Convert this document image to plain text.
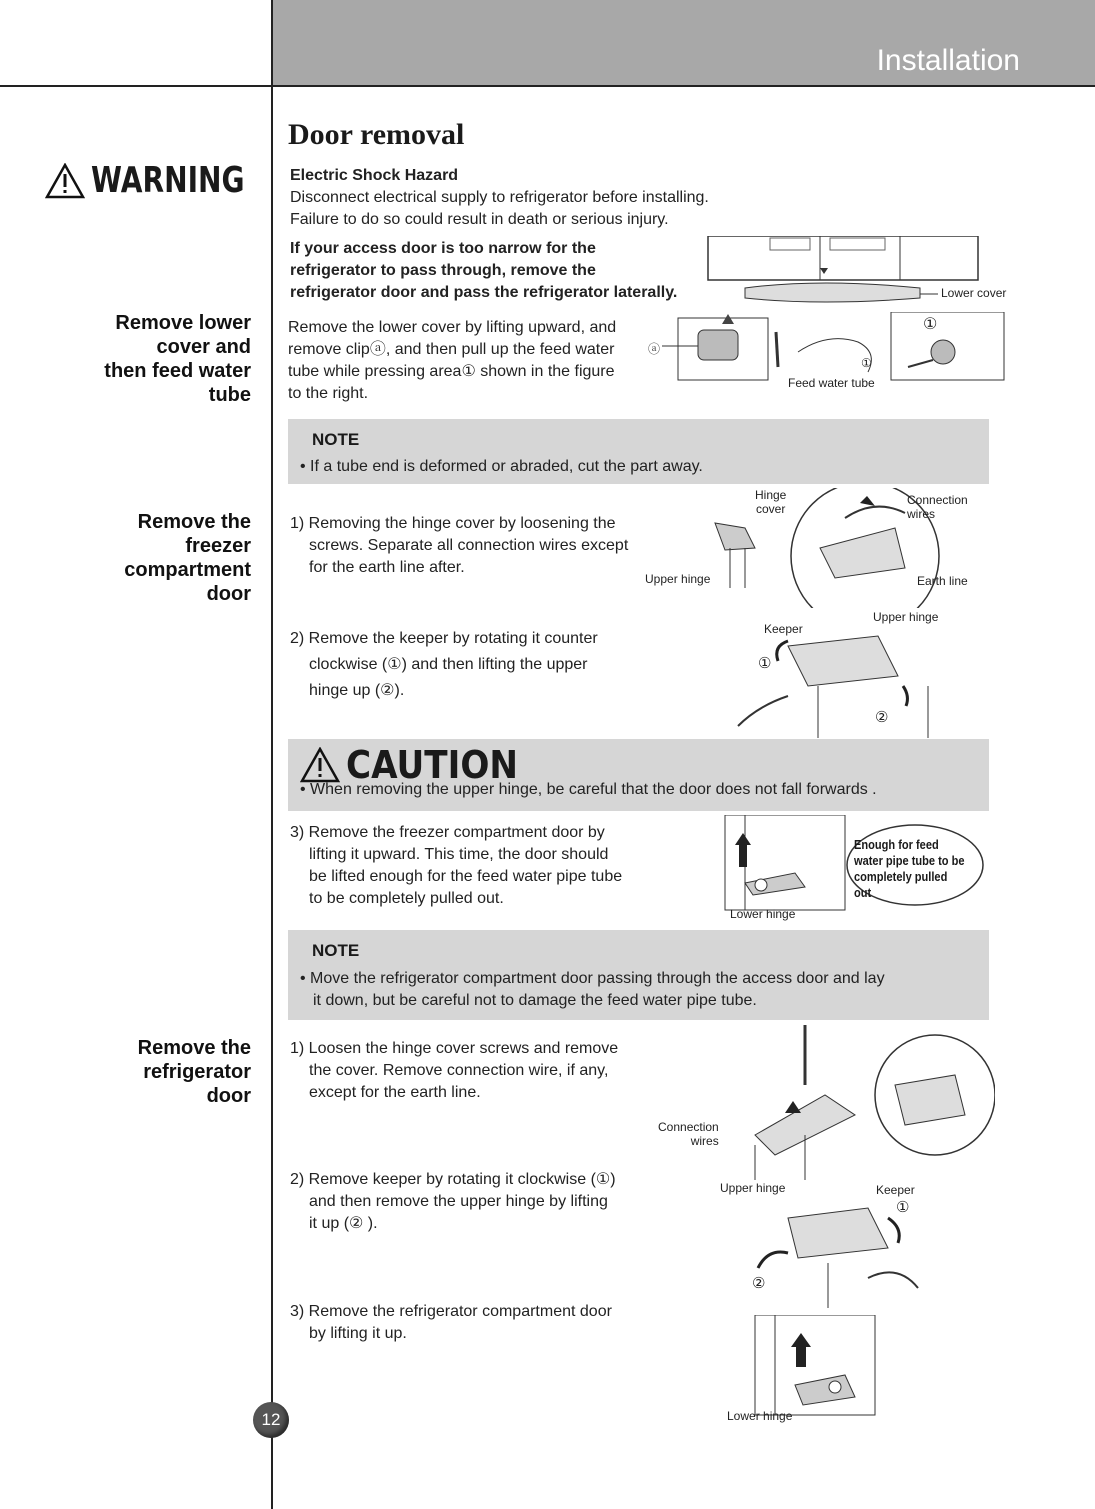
Installation
WARNING
Door removal
Electric Shock Hazard
Disconnect electrical supply to refrigerator before installing.
Failure to do so could result in death or serious injury.
If your access door is too narrow for the
refrigerator to pass through, remove the
refrigerator door and pass the refrigerator laterally.	Lower cover
Remove lower
cover and
then feed water
tube
Remove the lower cover by lifting upward, and
remove clipⓐ, and then pull up the feed water
tube while pressing area① shown in the figure
to the right.
ⓐ
Feed water tube
①
①
NOTE
• If a tube end is deformed or abraded, cut the part away.
Remove the
freezer
compartment
door
1) Removing the hinge cover by loosening the
screws. Separate all connection wires except
for the earth line after.
Hinge
cover
Upper hinge
Connection
wires
Earth line
2) Remove the keeper by rotating it counter
clockwise (①) and then lifting the upper
hinge up (②).
Keeper
Upper hinge
①
②
CAUTION
• When removing the upper hinge, be careful that the door does not fall forwards .
3) Remove the freezer compartment door by
lifting it upward. This time, the door should
be lifted enough for the feed water pipe tube
to be completely pulled out.
Enough for feed
water pipe tube to be
completely pulled out
Lower hinge
NOTE
• Move the refrigerator compartment door passing through the access door and lay
it down, but be careful not to damage the feed water pipe tube.
Remove the
refrigerator
door
1) Loosen the hinge cover screws and remove
the cover. Remove connection wire, if any,
except for the earth line.
Connection
wires
2) Remove keeper by rotating it clockwise (①)
and then remove the upper hinge by lifting
it up (② ).
Upper hinge	Keeper
①
②
3) Remove the refrigerator compartment door
by lifting it up.
Lower hinge
12
